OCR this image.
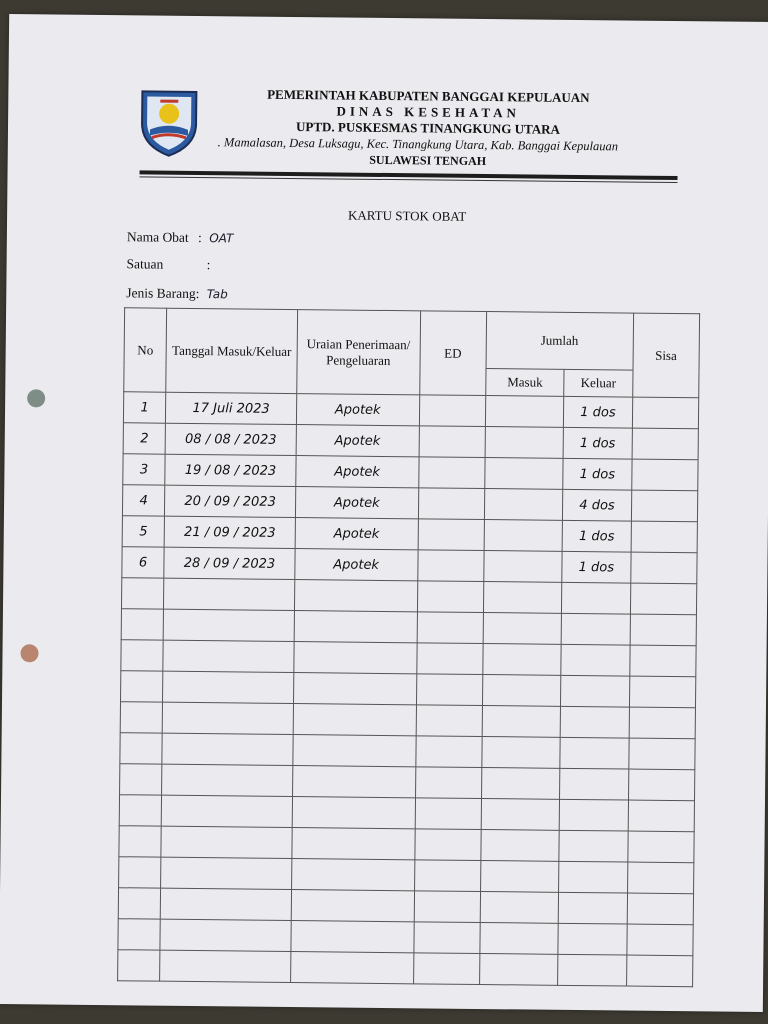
PEMERINTAH KABUPATEN BANGGAI KEPULAUAN
DINAS KESEHATAN
UPTD. PUSKESMAS TINANGKUNG UTARA
. Mamalasan, Desa Luksagu, Kec. Tinangkung Utara, Kab. Banggai Kepulauan
SULAWESI TENGAH
KARTU STOK OBAT
Nama Obat : OAT
Satuan	:
Jenis Barang: Tab
No	Tanggal Masuk/Keluar	Uraian Penerimaan/ Pengeluaran	ED	Jumlah		Sisa
				Masuk	Keluar	
1	17 Juli 2023	Apotek			1 dos	
2	08 / 08 / 2023	Apotek			1 dos	
3	19 / 08 / 2023	Apotek			1 dos	
4	20 / 09 / 2023	Apotek			4 dos	
5	21 / 09 / 2023	Apotek			1 dos	
6	28 / 09 / 2023	Apotek			1 dos	
